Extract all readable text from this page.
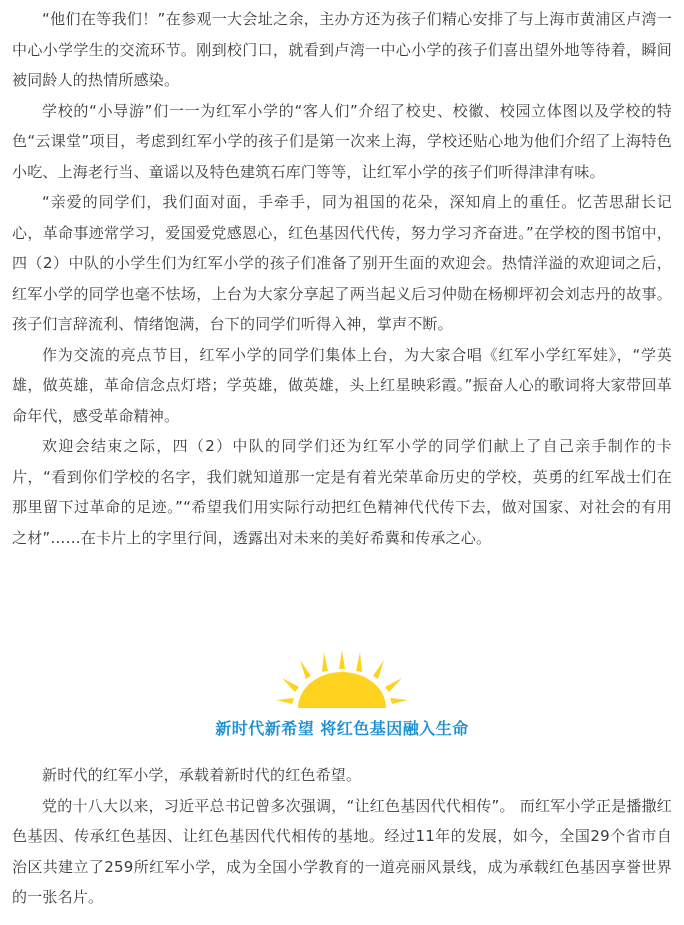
“他们在等我们！”在参观一大会址之余，主办方还为孩子们精心安排了与上海市黄浦区卢湾一中心小学学生的交流环节。刚到校门口，就看到卢湾一中心小学的孩子们喜出望外地等待着，瞬间被同龄人的热情所感染。

学校的“小导游”们一一为红军小学的“客人们”介绍了校史、校徽、校园立体图以及学校的特色“云课堂”项目，考虑到红军小学的孩子们是第一次来上海，学校还贴心地为他们介绍了上海特色小吃、上海老行当、童谣以及特色建筑石库门等等，让红军小学的孩子们听得津津有味。

“亲爱的同学们，我们面对面，手牵手，同为祖国的花朵，深知肩上的重任。忆苦思甜长记心，革命事迹常学习，爱国爱党感恩心，红色基因代代传，努力学习齐奋进。”在学校的图书馆中，四（2）中队的小学生们为红军小学的孩子们准备了别开生面的欢迎会。热情洋溢的欢迎词之后，红军小学的同学也毫不怯场，上台为大家分享起了两当起义后习仲勋在杨柳坪初会刘志丹的故事。孩子们言辞流利、情绪饱满，台下的同学们听得入神，掌声不断。

作为交流的亮点节目，红军小学的同学们集体上台，为大家合唱《红军小学红军娃》，“学英雄，做英雄，革命信念点灯塔；学英雄，做英雄，头上红星映彩霞。”振奋人心的歌词将大家带回革命年代，感受革命精神。

欢迎会结束之际，四（2）中队的同学们还为红军小学的同学们献上了自己亲手制作的卡片，“看到你们学校的名字，我们就知道那一定是有着光荣革命历史的学校，英勇的红军战士们在那里留下过革命的足迹。”“希望我们用实际行动把红色精神代代传下去，做对国家、对社会的有用之材”……在卡片上的字里行间，透露出对未来的美好希冀和传承之心。

新时代新希望 将红色基因融入生命

新时代的红军小学，承载着新时代的红色希望。

党的十八大以来，习近平总书记曾多次强调，“让红色基因代代相传”。 而红军小学正是播撒红色基因、传承红色基因、让红色基因代代相传的基地。经过11年的发展，如今，全国29个省市自治区共建立了259所红军小学，成为全国小学教育的一道亮丽风景线，成为承载红色基因享誉世界的一张名片。
